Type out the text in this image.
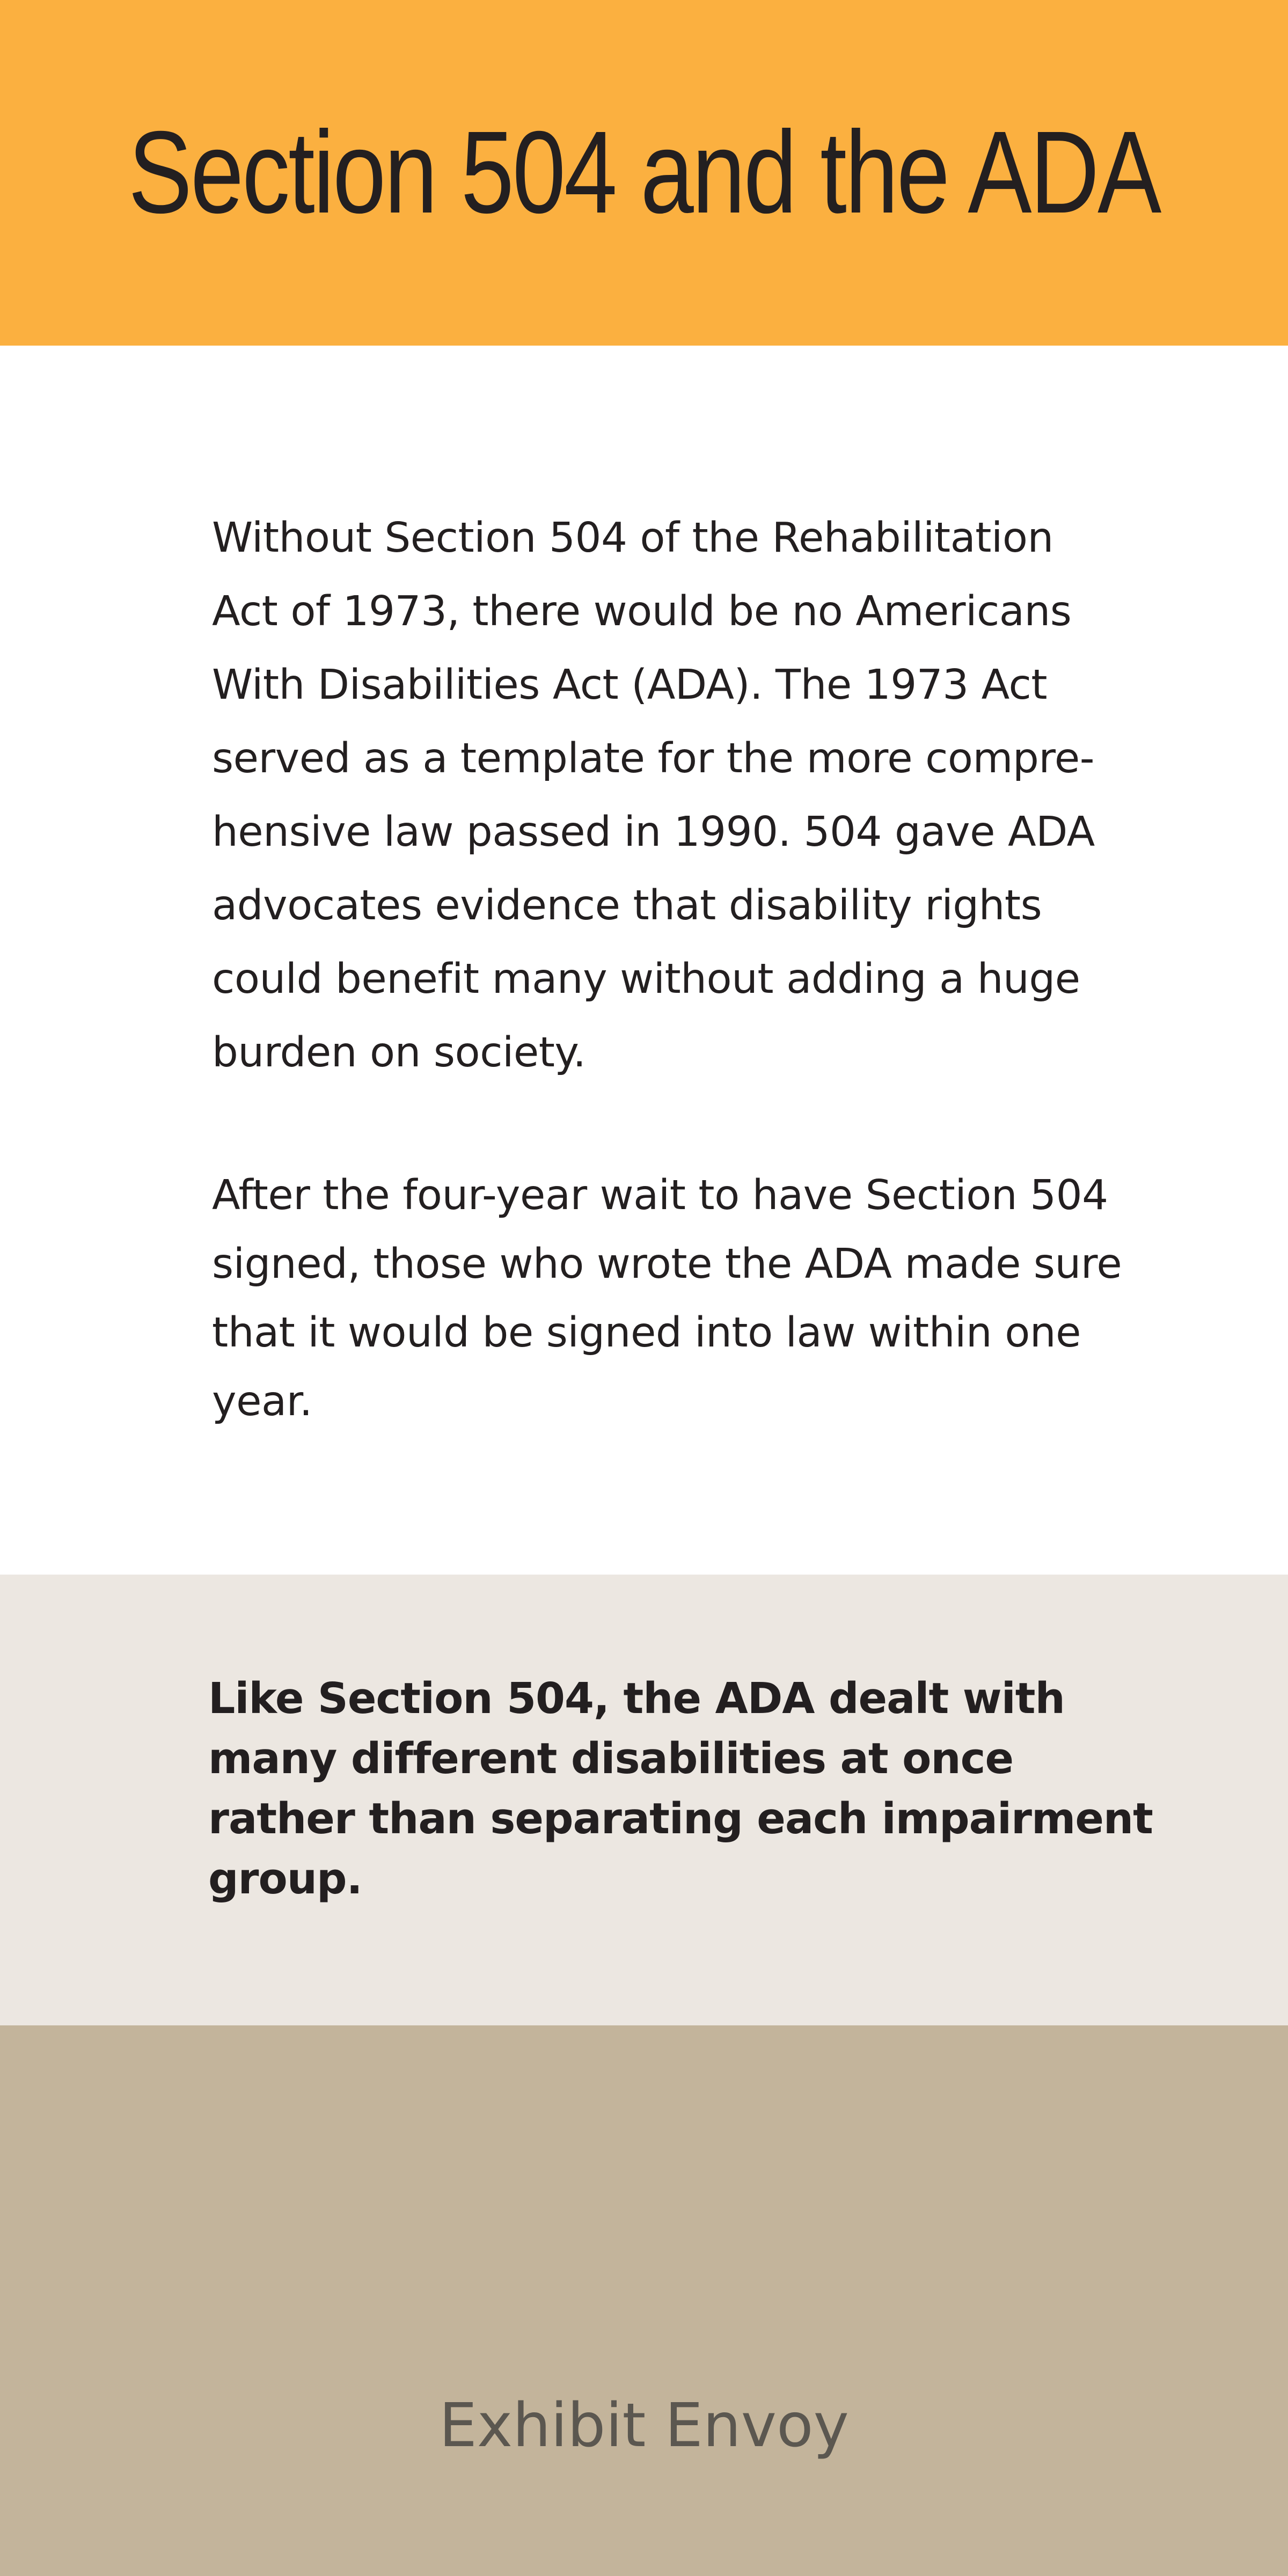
Section 504 and the ADA

Without Section 504 of the Rehabilitation Act of 1973, there would be no Americans With Disabilities Act (ADA). The 1973 Act served as a template for the more compre-hensive law passed in 1990. 504 gave ADA advocates evidence that disability rights could benefit many without adding a huge burden on society.

After the four-year wait to have Section 504 signed, those who wrote the ADA made sure that it would be signed into law within one year.

Like Section 504, the ADA dealt with many different disabilities at once rather than separating each impairment group.

Exhibit Envoy
